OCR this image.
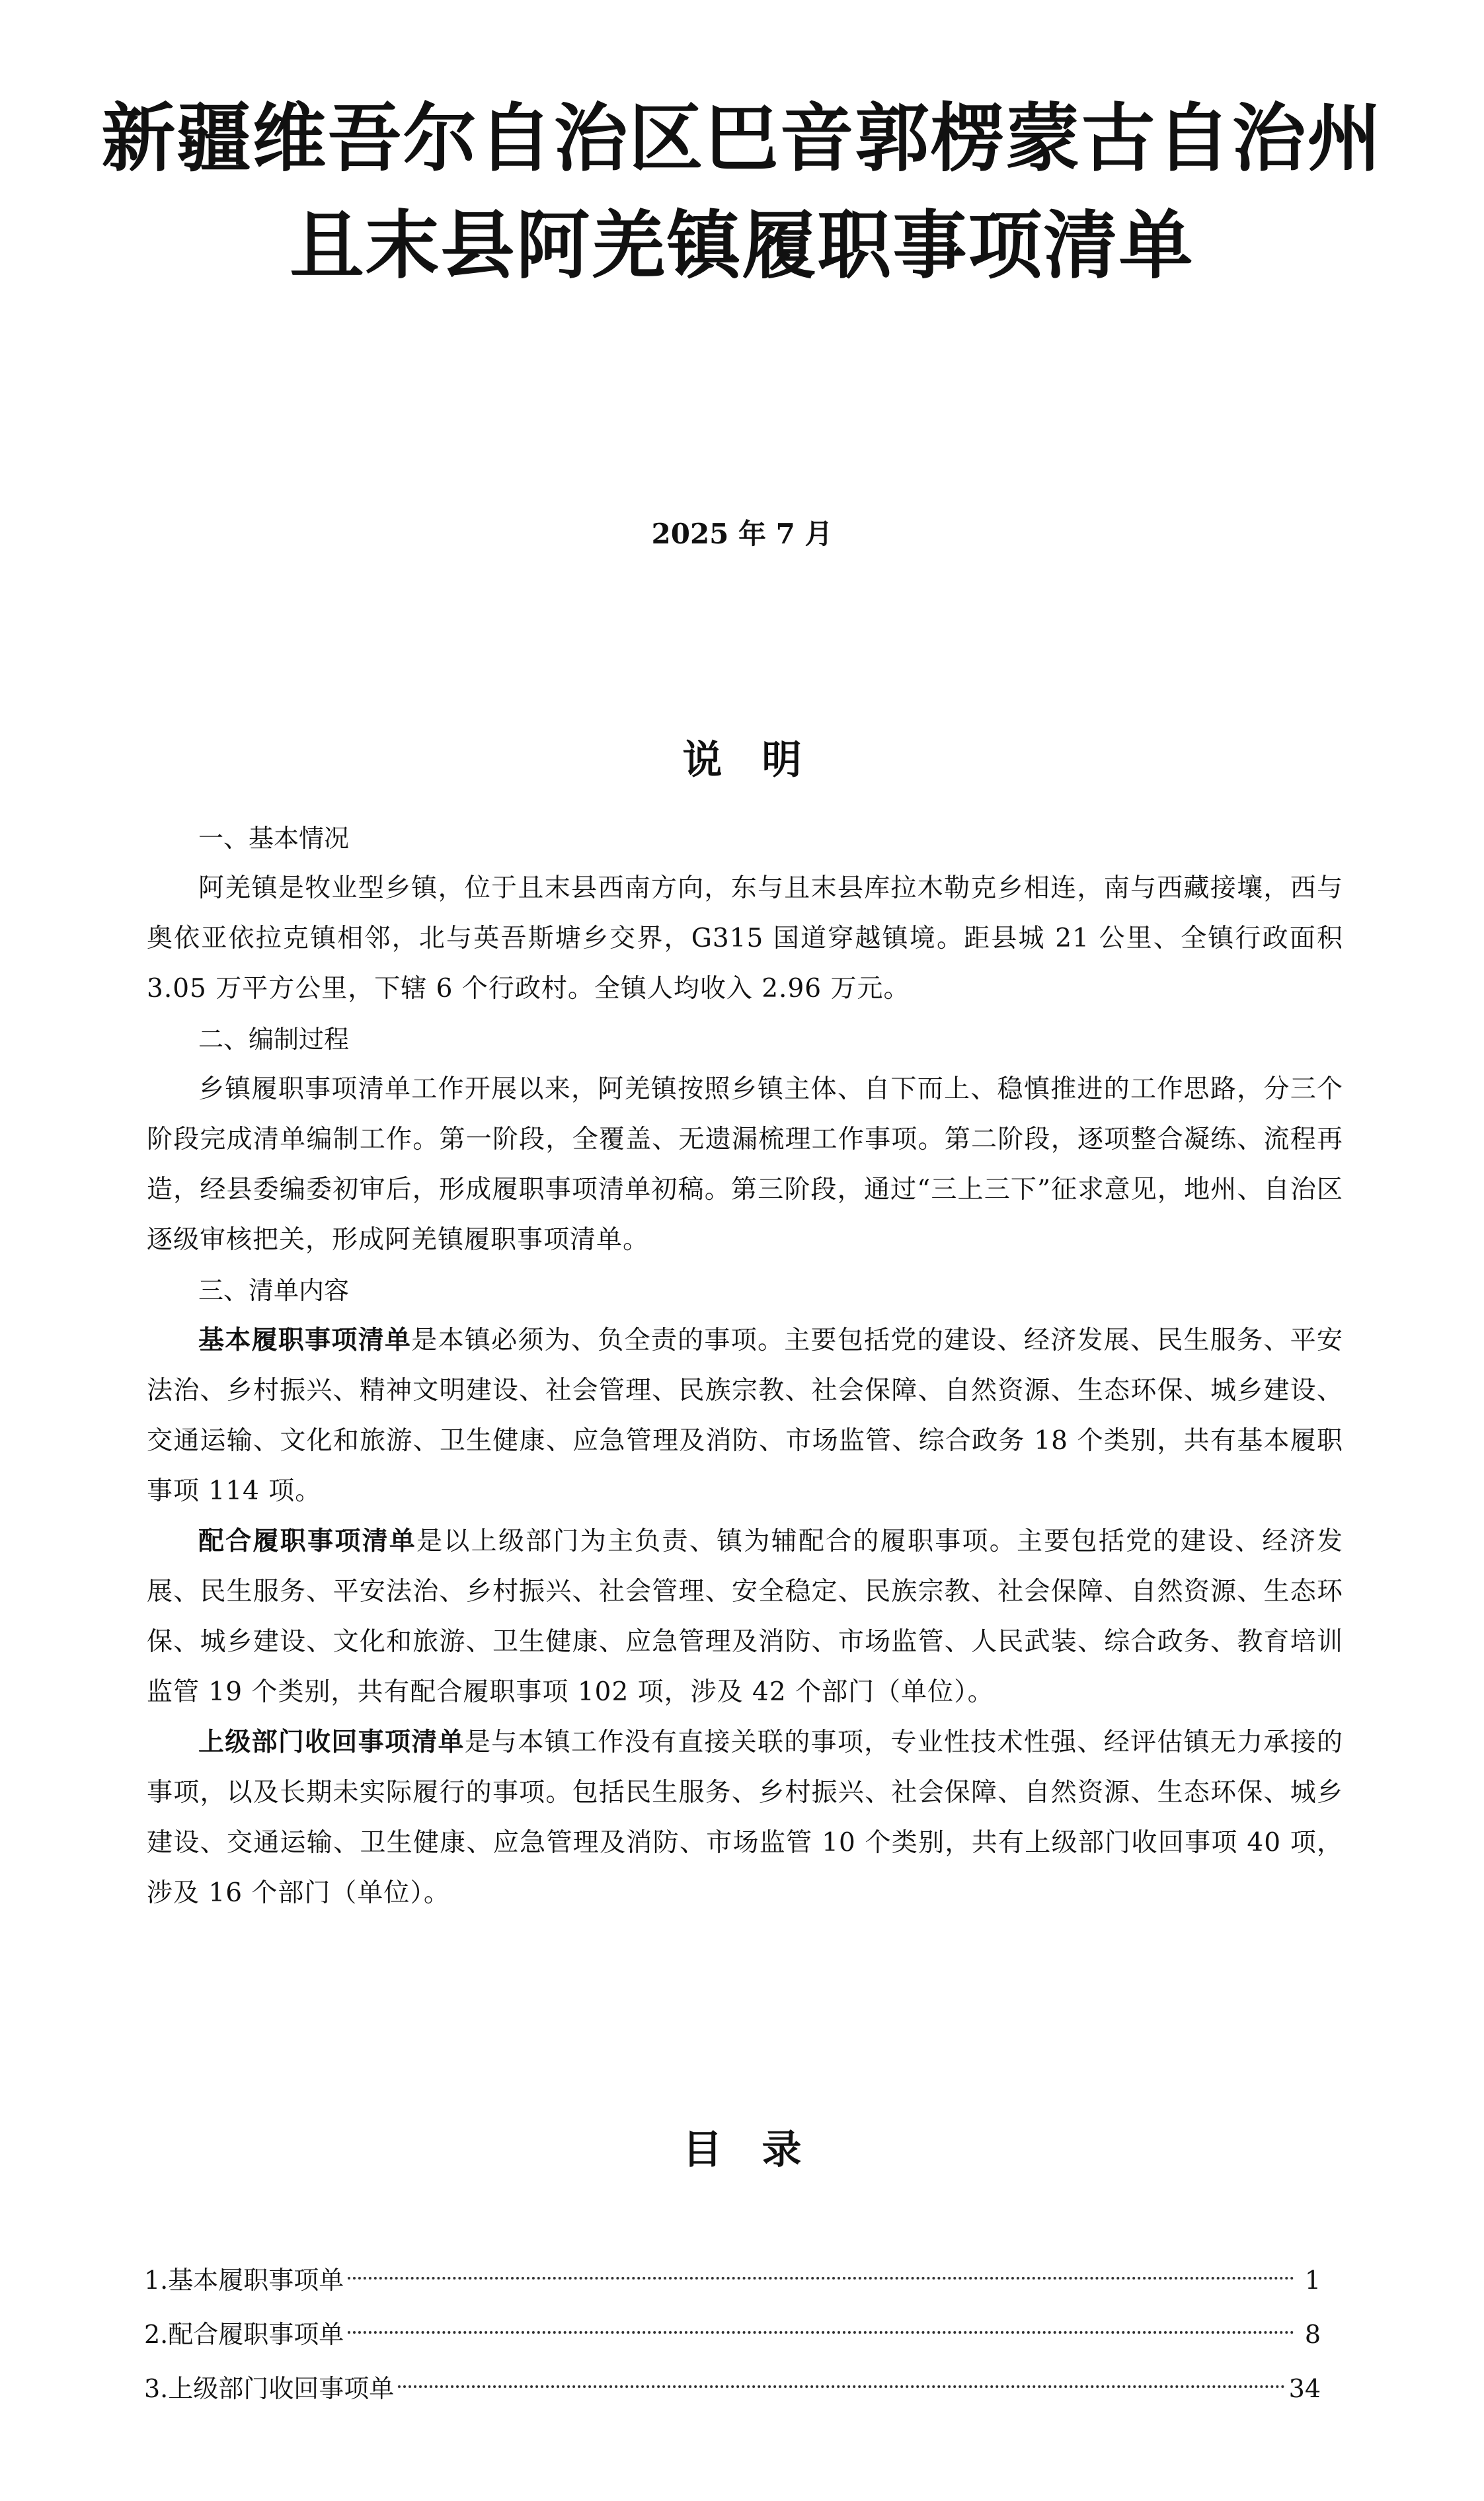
新疆维吾尔自治区巴音郭楞蒙古自治州
且末县阿羌镇履职事项清单
2025 年 7 月
说明

一、基本情况

阿羌镇是牧业型乡镇，位于且末县西南方向，东与且末县库拉木勒克乡相连，南与西藏接壤，西与奥依亚依拉克镇相邻，北与英吾斯塘乡交界，G315 国道穿越镇境。距县城 21 公里、全镇行政面积 3.05 万平方公里，下辖 6 个行政村。全镇人均收入 2.96 万元。

二、编制过程

乡镇履职事项清单工作开展以来，阿羌镇按照乡镇主体、自下而上、稳慎推进的工作思路，分三个阶段完成清单编制工作。第一阶段，全覆盖、无遗漏梳理工作事项。第二阶段，逐项整合凝练、流程再造，经县委编委初审后，形成履职事项清单初稿。第三阶段，通过“三上三下”征求意见，地州、自治区逐级审核把关，形成阿羌镇履职事项清单。

三、清单内容

基本履职事项清单是本镇必须为、负全责的事项。主要包括党的建设、经济发展、民生服务、平安法治、乡村振兴、精神文明建设、社会管理、民族宗教、社会保障、自然资源、生态环保、城乡建设、交通运输、文化和旅游、卫生健康、应急管理及消防、市场监管、综合政务 18 个类别，共有基本履职事项 114 项。

配合履职事项清单是以上级部门为主负责、镇为辅配合的履职事项。主要包括党的建设、经济发展、民生服务、平安法治、乡村振兴、社会管理、安全稳定、民族宗教、社会保障、自然资源、生态环保、城乡建设、文化和旅游、卫生健康、应急管理及消防、市场监管、人民武装、综合政务、教育培训监管 19 个类别，共有配合履职事项 102 项，涉及 42 个部门（单位）。

上级部门收回事项清单是与本镇工作没有直接关联的事项，专业性技术性强、经评估镇无力承接的事项，以及长期未实际履行的事项。包括民生服务、乡村振兴、社会保障、自然资源、生态环保、城乡建设、交通运输、卫生健康、应急管理及消防、市场监管 10 个类别，共有上级部门收回事项 40 项，涉及 16 个部门（单位）。

目录
1.基本履职事项单	1
2.配合履职事项单	8
3.上级部门收回事项单	34
